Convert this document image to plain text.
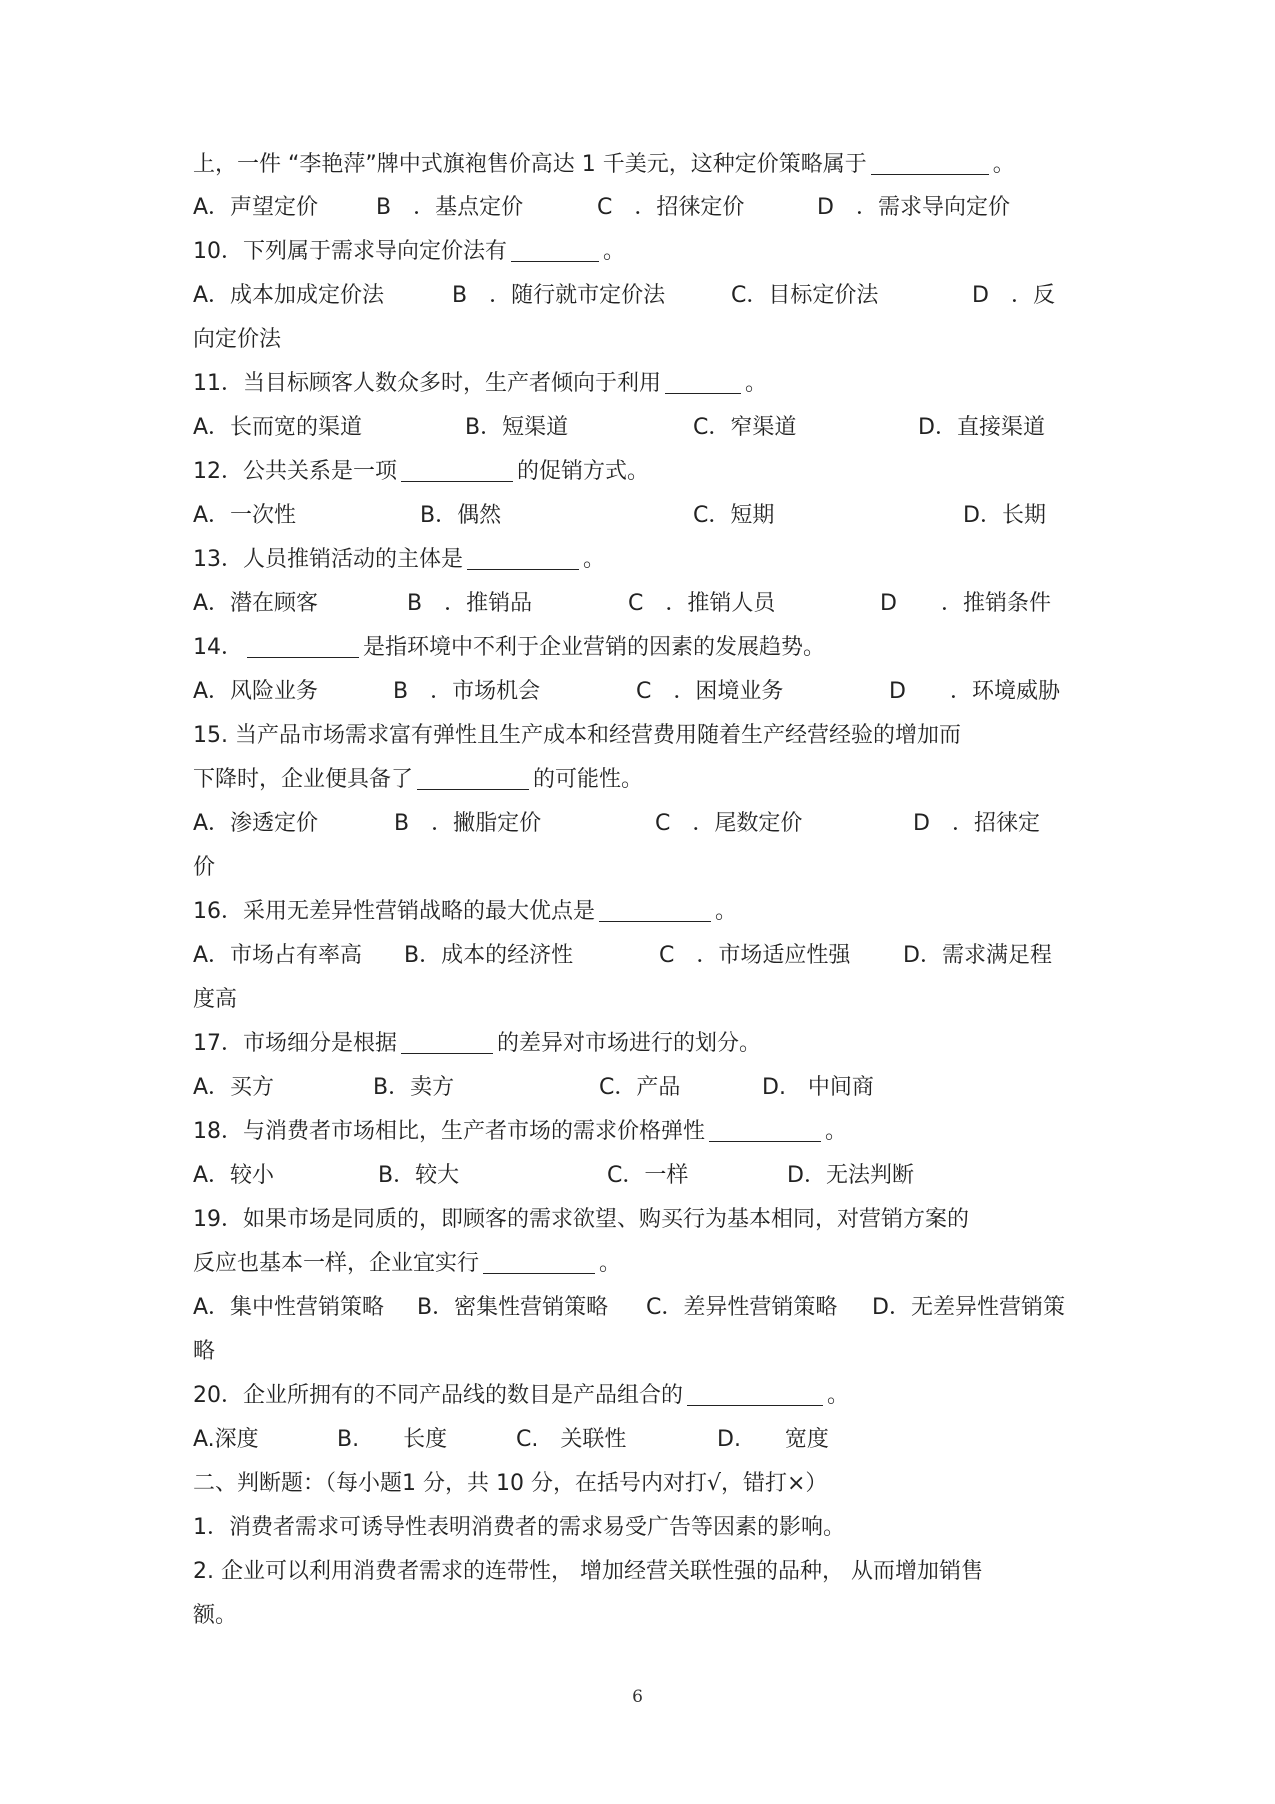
上，一件 “李艳萍”牌中式旗袍售价高达 1 千美元，这种定价策略属于	。
A．声望定价	B　．基点定价	C　．招徕定价	D　．需求导向定价
10．下列属于需求导向定价法有	。
A．成本加成定价法	B　．随行就市定价法	C．目标定价法	D　．反
向定价法
11．当目标顾客人数众多时，生产者倾向于利用	。
A．长而宽的渠道	B．短渠道	C．窄渠道	D．直接渠道
12．公共关系是一项	的促销方式。
A．一次性	B．偶然	C．短期	D．长期
13．人员推销活动的主体是	。
A．潜在顾客	B　．推销品	C　．推销人员	D　　．推销条件
14．	是指环境中不利于企业营销的因素的发展趋势。
A．风险业务	B　．市场机会	C　．困境业务	D　　．环境威胁
15. 当产品市场需求富有弹性且生产成本和经营费用随着生产经营经验的增加而
下降时，企业便具备了	的可能性。
A．渗透定价	B　．撇脂定价	C　．尾数定价	D　．招徕定
价
16．采用无差异性营销战略的最大优点是	。
A．市场占有率高 B．成本的经济性	C　．市场适应性强 D．需求满足程
度高
17．市场细分是根据	的差异对市场进行的划分。
A．买方	B．卖方	C．产品	D.　中间商
18．与消费者市场相比，生产者市场的需求价格弹性	。
A．较小	B．较大	C．一样	D．无法判断
19．如果市场是同质的，即顾客的需求欲望、购买行为基本相同，对营销方案的
反应也基本一样，企业宜实行	。
A．集中性营销策略 B．密集性营销策略 C．差异性营销策略 D．无差异性营销策
略
20．企业所拥有的不同产品线的数目是产品组合的	。
A.深度	B.　　长度	C.　关联性	D.　　宽度
二、判断题：（每小题1 分，共 10 分，在括号内对打√，错打×）
1．消费者需求可诱导性表明消费者的需求易受广告等因素的影响。
2. 企业可以利用消费者需求的连带性， 增加经营关联性强的品种， 从而增加销售
额。
6
